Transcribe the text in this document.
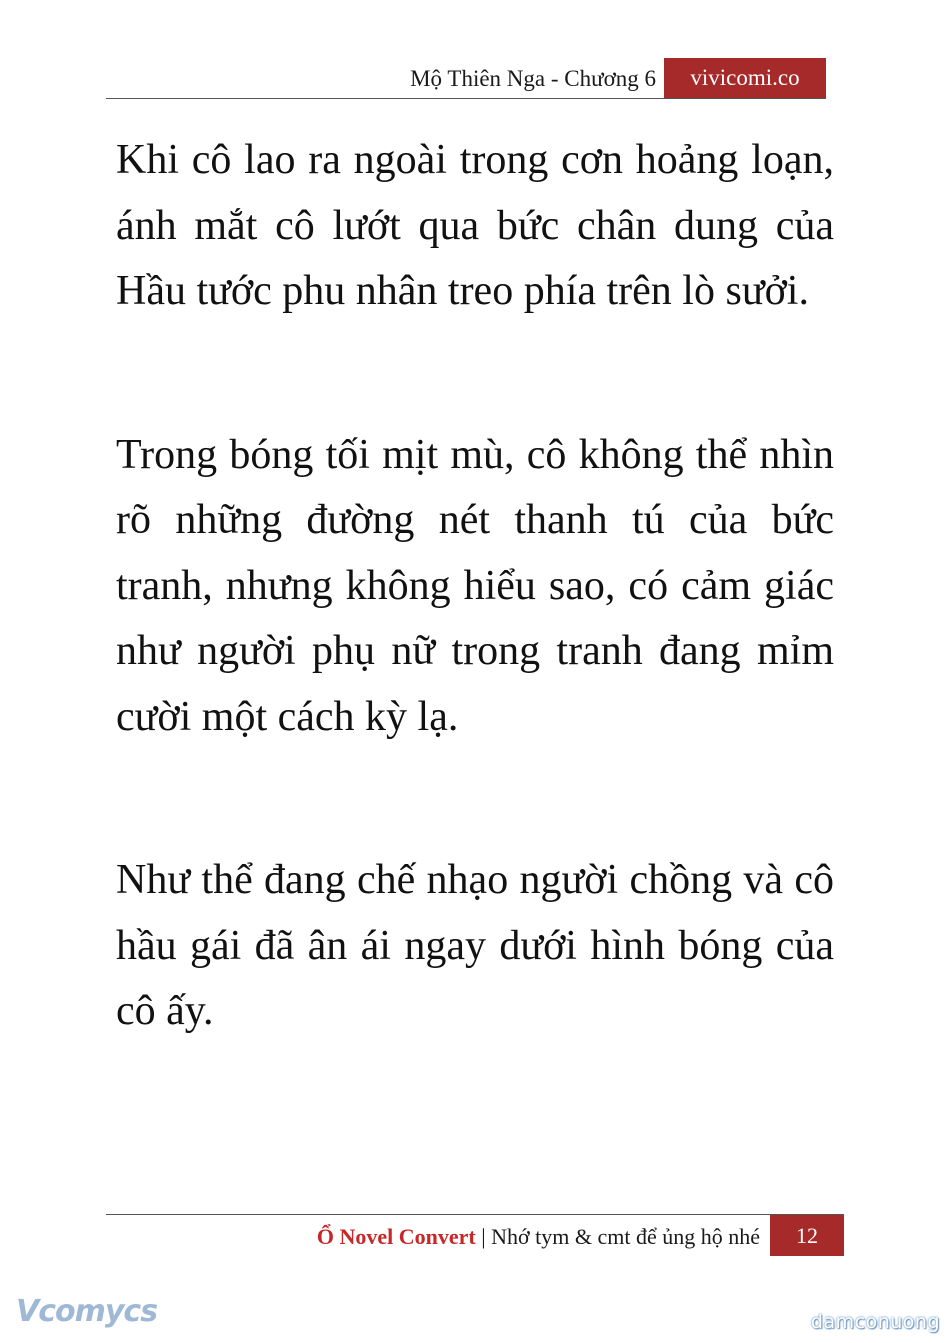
Mộ Thiên Nga - Chương 6	vivicomi.co

Khi cô lao ra ngoài trong cơn hoảng loạn, ánh mắt cô lướt qua bức chân dung của Hầu tước phu nhân treo phía trên lò sưởi.

Trong bóng tối mịt mù, cô không thể nhìn rõ những đường nét thanh tú của bức tranh, nhưng không hiểu sao, có cảm giác như người phụ nữ trong tranh đang mỉm cười một cách kỳ lạ.

Như thể đang chế nhạo người chồng và cô hầu gái đã ân ái ngay dưới hình bóng của cô ấy.

Ổ Novel Convert | Nhớ tym & cmt để ủng hộ nhé	12
Vcomycs	damconuong
